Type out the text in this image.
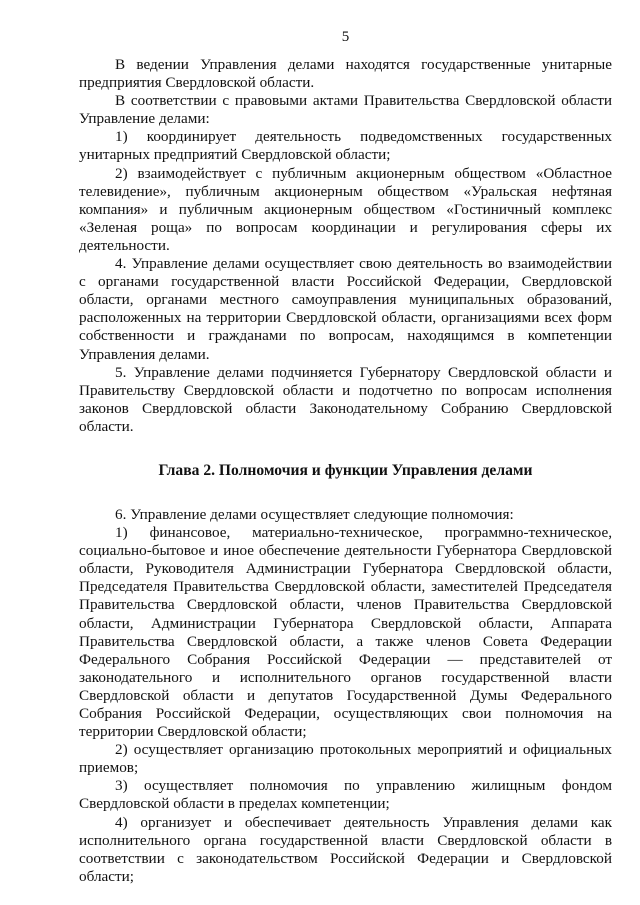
5

В ведении Управления делами находятся государственные унитарные предприятия Свердловской области.

В соответствии с правовыми актами Правительства Свердловской области Управление делами:

1) координирует деятельность подведомственных государственных унитарных предприятий Свердловской области;

2) взаимодействует с публичным акционерным обществом «Областное телевидение», публичным акционерным обществом «Уральская нефтяная компания» и публичным акционерным обществом «Гостиничный комплекс «Зеленая роща» по вопросам координации и регулирования сферы их деятельности.

4. Управление делами осуществляет свою деятельность во взаимодействии с органами государственной власти Российской Федерации, Свердловской области, органами местного самоуправления муниципальных образований, расположенных на территории Свердловской области, организациями всех форм собственности и гражданами по вопросам, находящимся в компетенции Управления делами.

5. Управление делами подчиняется Губернатору Свердловской области и Правительству Свердловской области и подотчетно по вопросам исполнения законов Свердловской области Законодательному Собранию Свердловской области.

Глава 2. Полномочия и функции Управления делами

6. Управление делами осуществляет следующие полномочия:

1) финансовое, материально-техническое, программно-техническое, социально-бытовое и иное обеспечение деятельности Губернатора Свердловской области, Руководителя Администрации Губернатора Свердловской области, Председателя Правительства Свердловской области, заместителей Председателя Правительства Свердловской области, членов Правительства Свердловской области, Администрации Губернатора Свердловской области, Аппарата Правительства Свердловской области, а также членов Совета Федерации Федерального Собрания Российской Федерации — представителей от законодательного и исполнительного органов государственной власти Свердловской области и депутатов Государственной Думы Федерального Собрания Российской Федерации, осуществляющих свои полномочия на территории Свердловской области;

2) осуществляет организацию протокольных мероприятий и официальных приемов;

3) осуществляет полномочия по управлению жилищным фондом Свердловской области в пределах компетенции;

4) организует и обеспечивает деятельность Управления делами как исполнительного органа государственной власти Свердловской области в соответствии с законодательством Российской Федерации и Свердловской области;
